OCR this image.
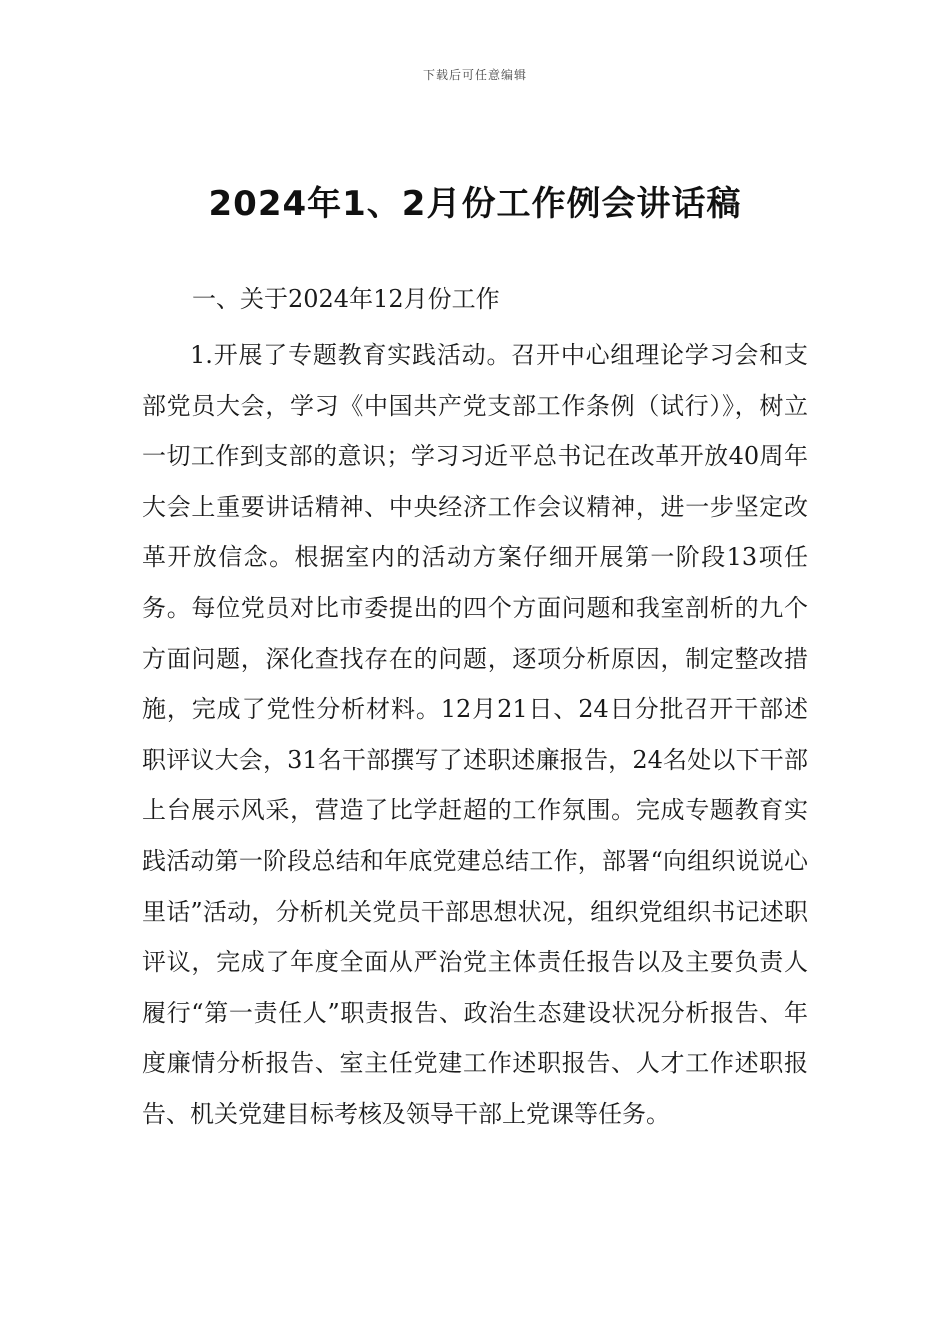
下载后可任意编辑
2024年1、2月份工作例会讲话稿
一、关于2024年12月份工作
1.开展了专题教育实践活动。召开中心组理论学习会和支部党员大会，学习《中国共产党支部工作条例（试行）》，树立一切工作到支部的意识；学习习近平总书记在改革开放40周年大会上重要讲话精神、中央经济工作会议精神，进一步坚定改革开放信念。根据室内的活动方案仔细开展第一阶段13项任务。每位党员对比市委提出的四个方面问题和我室剖析的九个方面问题，深化查找存在的问题，逐项分析原因，制定整改措施，完成了党性分析材料。12月21日、24日分批召开干部述职评议大会，31名干部撰写了述职述廉报告，24名处以下干部上台展示风采，营造了比学赶超的工作氛围。完成专题教育实践活动第一阶段总结和年底党建总结工作，部署“向组织说说心里话”活动，分析机关党员干部思想状况，组织党组织书记述职评议，完成了年度全面从严治党主体责任报告以及主要负责人履行“第一责任人”职责报告、政治生态建设状况分析报告、年度廉情分析报告、室主任党建工作述职报告、人才工作述职报告、机关党建目标考核及领导干部上党课等任务。
